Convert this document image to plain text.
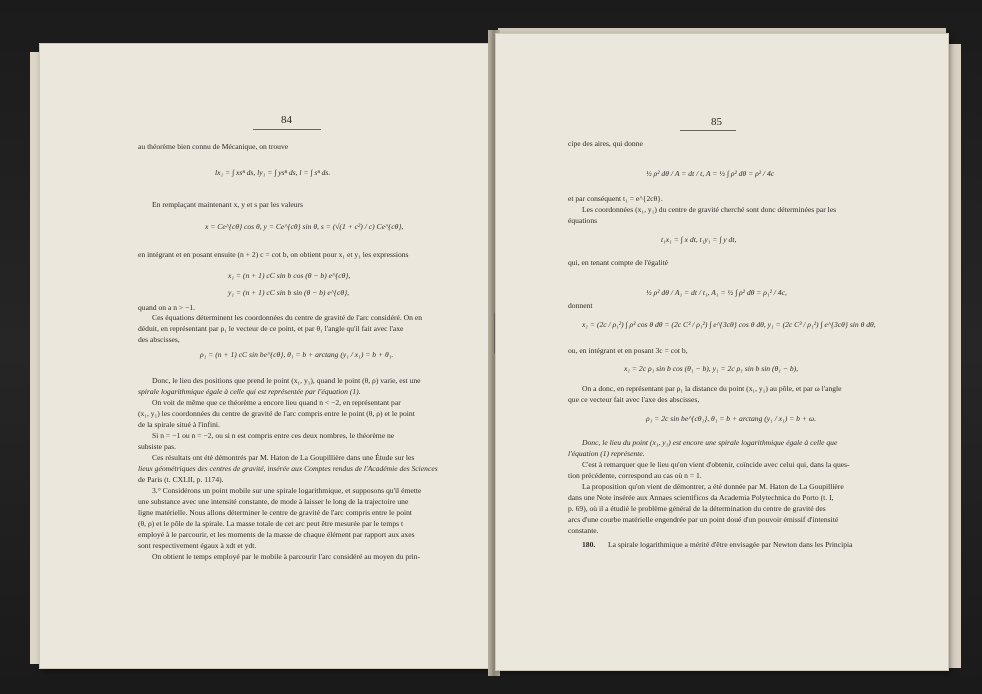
84
au théorème bien connu de Mécanique, on trouve
lx₁ = ∫ xsⁿ ds, ly₁ = ∫ ysⁿ ds, l = ∫ sⁿ ds.
En remplaçant maintenant x, y et s par les valeurs
x = Ce^{cθ} cos θ, y = Ce^{cθ} sin θ, s = (√(1 + c²) / c) Ce^{cθ},
en intégrant et en posant ensuite (n + 2) c = cot b, on obtient pour x₁ et y₁ les expressions
x₁ = (n + 1) cC sin b cos (θ − b) e^{cθ},
y₁ = (n + 1) cC sin b sin (θ − b) e^{cθ},
quand on a n > −1.
Ces équations déterminent les coordonnées du centre de gravité de l'arc considéré. On en
déduit, en représentant par ρ₁ le vecteur de ce point, et par θ₁ l'angle qu'il fait avec l'axe
des abscisses,
ρ₁ = (n + 1) cC sin be^{cθ}, θ₁ = b + arctang (y₁ / x₁) = b + θ₁.
Donc, le lieu des positions que prend le point (x₁, y₁), quand le point (θ, ρ) varie, est une
spirale logarithmique égale à celle qui est représentée par l'équation (1).
On voit de même que ce théorème a encore lieu quand n < −2, en représentant par
(x₁, y₁) les coordonnées du centre de gravité de l'arc compris entre le point (θ, ρ) et le point
de la spirale situé à l'infini.
Si n = −1 ou n = −2, ou si n est compris entre ces deux nombres, le théorème ne
subsiste pas.
Ces résultats ont été démontrés par M. Haton de La Goupillière dans une Étude sur les
lieux géométriques des centres de gravité, insérée aux Comptes rendus de l'Académie des Sciences
de Paris (t. CXLII, p. 1174).
3.° Considérons un point mobile sur une spirale logarithmique, et supposons qu'il émette
une substance avec une intensité constante, de mode à laisser le long de la trajectoire une
ligne matérielle. Nous allons déterminer le centre de gravité de l'arc compris entre le point
(θ, ρ) et le pôle de la spirale. La masse totale de cet arc peut être mesurée par le temps t
employé à le parcourir, et les moments de la masse de chaque élément par rapport aux axes
sont respectivement égaux à xdt et ydt.
On obtient le temps employé par le mobile à parcourir l'arc considéré au moyen du prin-
85
cipe des aires, qui donne
½ ρ² dθ / A = dt / t, A = ½ ∫ ρ² dθ = ρ² / 4c
et par conséquent t₁ = e^{2cθ}.
Les coordonnées (x₁, y₁) du centre de gravité cherché sont donc déterminées par les
équations
t₁x₁ = ∫ x dt, t₁y₁ = ∫ y dt,
qui, en tenant compte de l'égalité
½ ρ² dθ / A₁ = dt / t₁, A₁ = ½ ∫ ρ² dθ = ρ₁² / 4c,
donnent
x₁ = (2c / ρ₁²) ∫ ρ³ cos θ dθ = (2c C³ / ρ₁²) ∫ e^{3cθ} cos θ dθ, y₁ = (2c C³ / ρ₁²) ∫ e^{3cθ} sin θ dθ,
ou, en intégrant et en posant 3c = cot b,
x₁ = 2c ρ₁ sin b cos (θ₁ − b), y₁ = 2c ρ₁ sin b sin (θ₁ − b),
On a donc, en représentant par ρ₁ la distance du point (x₁, y₁) au pôle, et par ω l'angle
que ce vecteur fait avec l'axe des abscisses,
ρ₁ = 2c sin be^{cθ₁}, θ₁ = b + arctang (y₁ / x₁) = b + ω.
Donc, le lieu du point (x₁, y₁) est encore une spirale logarithmique égale à celle que
l'équation (1) représente.
C'est à remarquer que le lieu qu'on vient d'obtenir, coïncide avec celui qui, dans la ques-
tion précédente, correspond au cas où n = 1.
La proposition qu'on vient de démontrer, a été donnée par M. Haton de La Goupillière
dans une Note insérée aux Annaes scientificos da Academia Polytechnica do Porto (t. I,
p. 69), où il a étudié le problème général de la détermination du centre de gravité des
arcs d'une courbe matérielle engendrée par un point doué d'un pouvoir émissif d'intensité
constante.
180. La spirale logarithmique a mérité d'être envisagée par Newton dans les Principia
